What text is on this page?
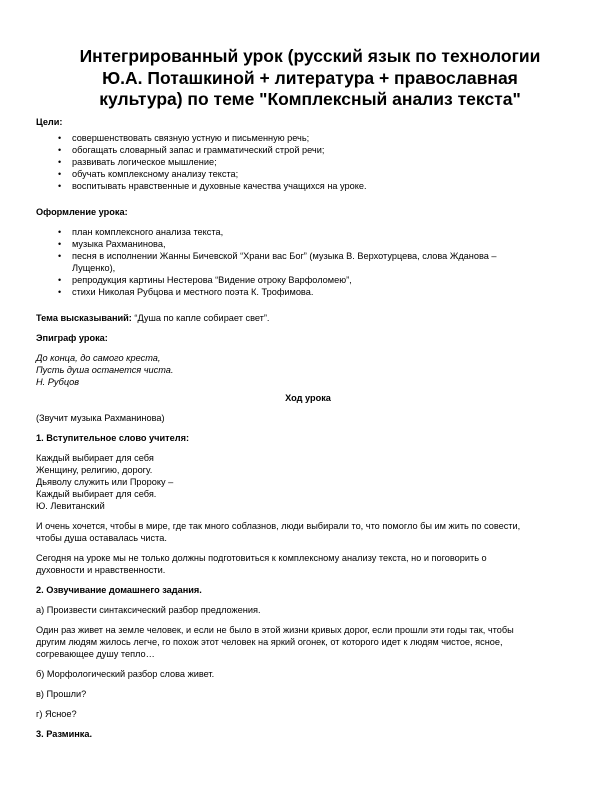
Интегрированный урок (русский язык по технологии
Ю.А. Поташкиной + литература + православная
культура) по теме "Комплексный анализ текста"
Цели:
• совершенствовать связную устную и письменную речь;
• обогащать словарный запас и грамматический строй речи;
• развивать логическое мышление;
• обучать комплексному анализу текста;
• воспитывать нравственные и духовные качества учащихся на уроке.
Оформление урока:
• план комплексного анализа текста,
• музыка Рахманинова,
• песня в исполнении Жанны Бичевской “Храни вас Бог” (музыка В. Верхотурцева, слова Жданова –
Лущенко),
• репродукция картины Нестерова “Видение отроку Варфоломею”,
• стихи Николая Рубцова и местного поэта К. Трофимова.
Тема высказываний: “Душа по капле собирает свет”.
Эпиграф урока:
До конца, до самого креста,
Пусть душа останется чиста.
Н. Рубцов
Ход урока
(Звучит музыка Рахманинова)
1. Вступительное слово учителя:
Каждый выбирает для себя
Женщину, религию, дорогу.
Дьяволу служить или Пророку –
Каждый выбирает для себя.
Ю. Левитанский
И очень хочется, чтобы в мире, где так много соблазнов, люди выбирали то, что помогло бы им жить по совести,
чтобы душа оставалась чиста.
Сегодня на уроке мы не только должны подготовиться к комплексному анализу текста, но и поговорить о
духовности и нравственности.
2. Озвучивание домашнего задания.
а) Произвести синтаксический разбор предложения.
Один раз живет на земле человек, и если не было в этой жизни кривых дорог, если прошли эти годы так, чтобы
другим людям жилось легче, го похож этот человек на яркий огонек, от которого идет к людям чистое, ясное,
согревающее душу тепло…
б) Морфологический разбор слова живет.
в) Прошли?
г) Ясное?
3. Разминка.
